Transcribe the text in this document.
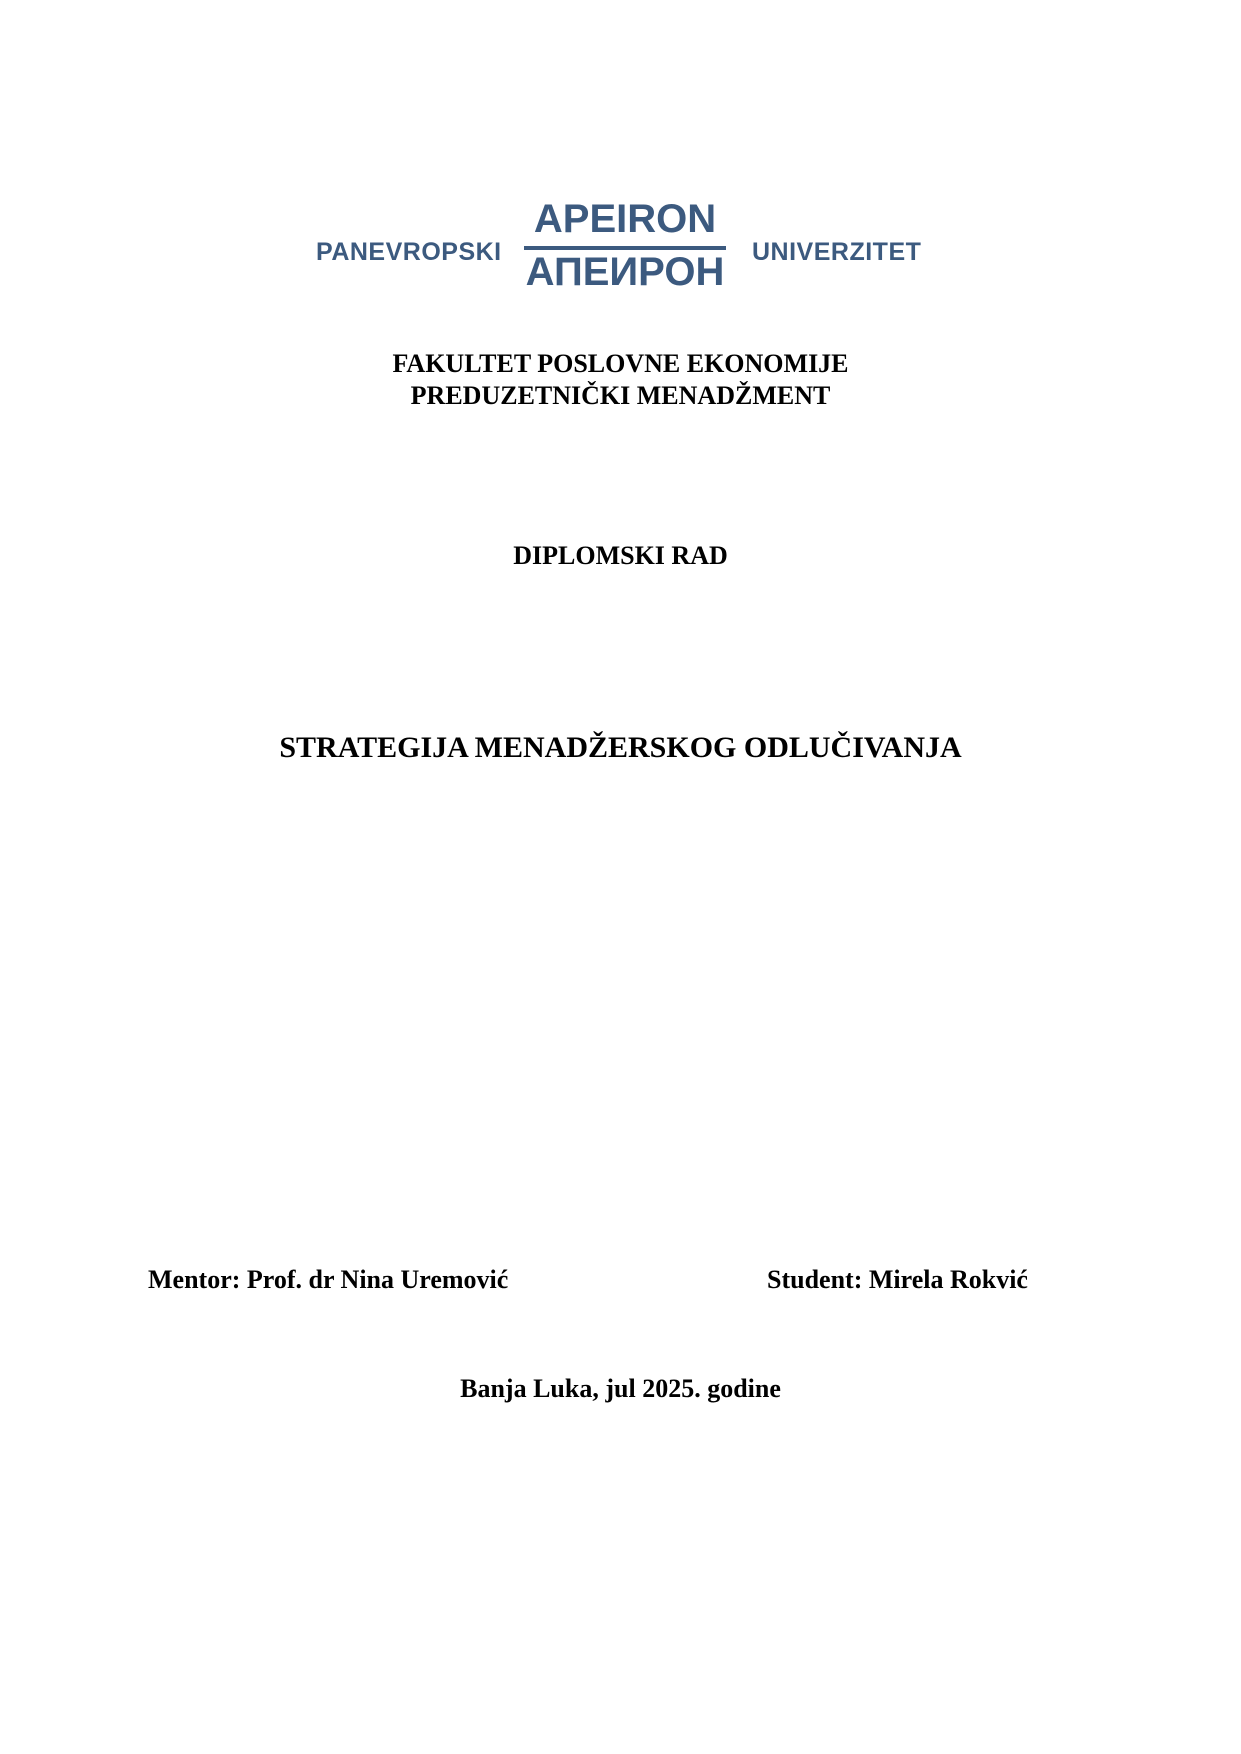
PANEVROPSKI
APEIRON
АПЕИРОН UNIVERZITET
FAKULTET POSLOVNE EKONOMIJE
PREDUZETNIČKI MENADŽMENT
DIPLOMSKI RAD
STRATEGIJA MENADŽERSKOG ODLUČIVANJA
Mentor: Prof. dr Nina Uremović	Student: Mirela Rokvić
Banja Luka, jul 2025. godine
